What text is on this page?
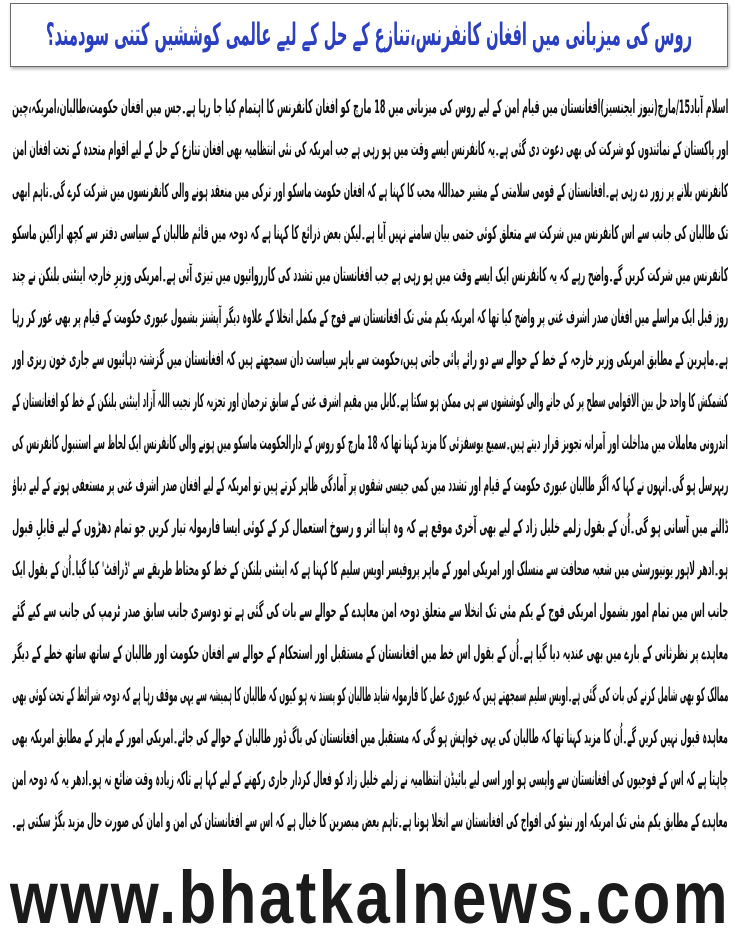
روس کی میزبانی میں افغان کانفرنس،تنازع کے حل کے لیے عالمی کوششیں کتنی سودمند؟
اسلام آباد15/مارچ(نیوز ایجنسیز)افغانستان میں قیام امن کے لیے روس کی میزبانی میں 18 مارچ کو افغان کانفرنس کا اہتمام کیا جا رہا ہے۔جس میں افغان حکومت،طالبان،امریکہ،چین
اور پاکستان کے نمائندوں کو شرکت کی بھی دعوت دی گئی ہے۔یہ کانفرنس ایسے وقت میں ہو رہی ہے جب امریکہ کی نئی انتظامیہ بھی افغان تنازع کے حل کے لیے اقوام متحدہ کے تحت افغان امن
کانفرنس بلانے پر زور دے رہی ہے۔افغانستان کے قومی سلامتی کے مشیر حمداللہ محب کا کہنا ہے کہ افغان حکومت ماسکو اور ترکی میں منعقد ہونے والی کانفرنسوں میں شرکت کرے گی۔تاہم ابھی
تک طالبان کی جانب سے اس کانفرنس میں شرکت سے متعلق کوئی حتمی بیان سامنے نہیں آیا ہے۔لیکن بعض ذرائع کا کہنا ہے کہ دوحہ میں قائم طالبان کے سیاسی دفتر سے کچھ اراکین ماسکو
کانفرنس میں شرکت کریں گے۔واضح رہے کہ یہ کانفرنس ایک ایسے وقت میں ہو رہی ہے جب افغانستان میں تشدد کی کارروائیوں میں تیزی آئی ہے۔امریکی وزیرِ خارجہ اینٹنی بلنکن نے چند
روز قبل ایک مراسلے میں افغان صدر اشرف غنی پر واضح کیا تھا کہ امریکہ یکم مئی تک افغانستان سے فوج کے مکمل انخلا کے علاوہ دیگر آپشنز بشمول عبوری حکومت کے قیام پر بھی غور کر رہا
ہے۔ماہرین کے مطابق امریکی وزیر خارجہ کے خط کے حوالے سے دو رائے پائی جاتی ہیں،حکومت سے باہر سیاست دان سمجھتے ہیں کہ افغانستان میں گزشتہ دہائیوں سے جاری خون ریزی اور
کشمکش کا واحد حل بین الاقوامی سطح پر کی جانے والی کوششوں سے ہی ممکن ہو سکتا ہے۔کابل میں مقیم اشرف غنی کے سابق ترجمان اور تجزیہ کار نجیب اللہ آزاد اینٹنی بلنکن کے خط کو افغانستان کے
اندرونی معاملات میں مداخلت اور آمرانہ تجویز قرار دیتے ہیں۔سمیع یوسفزئی کا مزید کہنا تھا کہ 18 مارچ کو روس کے دارالحکومت ماسکو میں ہونے والی کانفرنس ایک لحاظ سے استنبول کانفرنس کی
ریہرسل ہو گی۔انہوں نے کہا کہ اگر طالبان عبوری حکومت کے قیام اور تشدد میں کمی جیسی شقوں پر آمادگی ظاہر کرتے ہیں تو امریکہ کے لیے افغان صدر اشرف غنی پر مستعفی ہونے کے لیے دباؤ
ڈالنے میں آسانی ہو گی۔اُن کے بقول زلمے خلیل زاد کے لیے بھی آخری موقع ہے کہ وہ اپنا اثر و رسوخ استعمال کر کے کوئی ایسا فارمولہ تیار کریں جو تمام دھڑوں کے لیے قابلِ قبول
ہو۔ادھر لاہور یونیورسٹی میں شعبہ صحافت سے منسلک اور امریکی امور کے ماہر پروفیسر اویس سلیم کا کہنا ہے کہ اینٹنی بلنکن کے خط کو محتاط طریقے سے 'ڈرافٹ' کیا گیا۔اُن کے بقول ایک
جانب اس میں تمام امور بشمول امریکی فوج کے یکم مئی تک انخلا سے متعلق دوحہ امن معاہدے کے حوالے سے بات کی گئی ہے تو دوسری جانب سابق صدر ٹرمپ کی جانب سے کیے گئے
معاہدے پر نظرثانی کے بارے میں بھی عندیہ دیا گیا ہے۔اُن کے بقول اس خط میں افغانستان کے مستقبل اور استحکام کے حوالے سے افغان حکومت اور طالبان کے ساتھ ساتھ خطے کے دیگر
ممالک کو بھی شامل کرنے کی بات کی گئی ہے۔اویس سلیم سمجھتے ہیں کہ عبوری عمل کا فارمولہ شاید طالبان کو پسند نہ ہو کیوں کہ طالبان کا ہمیشہ سے یہی موقف رہا ہے کہ دوحہ شرائط کے تحت کوئی بھی
معاہدہ قبول نہیں کریں گے۔اُن کا مزید کہنا تھا کہ طالبان کی یہی خواہش ہو گی کہ مستقبل میں افغانستان کی باگ ڈور طالبان کے حوالے کی جائے۔امریکی امور کے ماہر کے مطابق امریکہ بھی
چاہتا ہے کہ اس کے فوجیوں کی افغانستان سے واپسی ہو اور اسی لیے بائیڈن انتظامیہ نے زلمے خلیل زاد کو فعال کردار جاری رکھنے کے لیے کہا ہے تاکہ زیادہ وقت ضائع نہ ہو۔ادھر یہ کہ دوحہ امن
معاہدے کے مطابق یکم مئی تک امریکہ اور نیٹو کی افواج کی افغانستان سے انخلا ہونا ہے۔تاہم بعض مبصرین کا خیال ہے کہ اس سے افغانستان کی امن و امان کی صورت حال مزید بگڑ سکتی ہے۔
www.bhatkalnews.com
